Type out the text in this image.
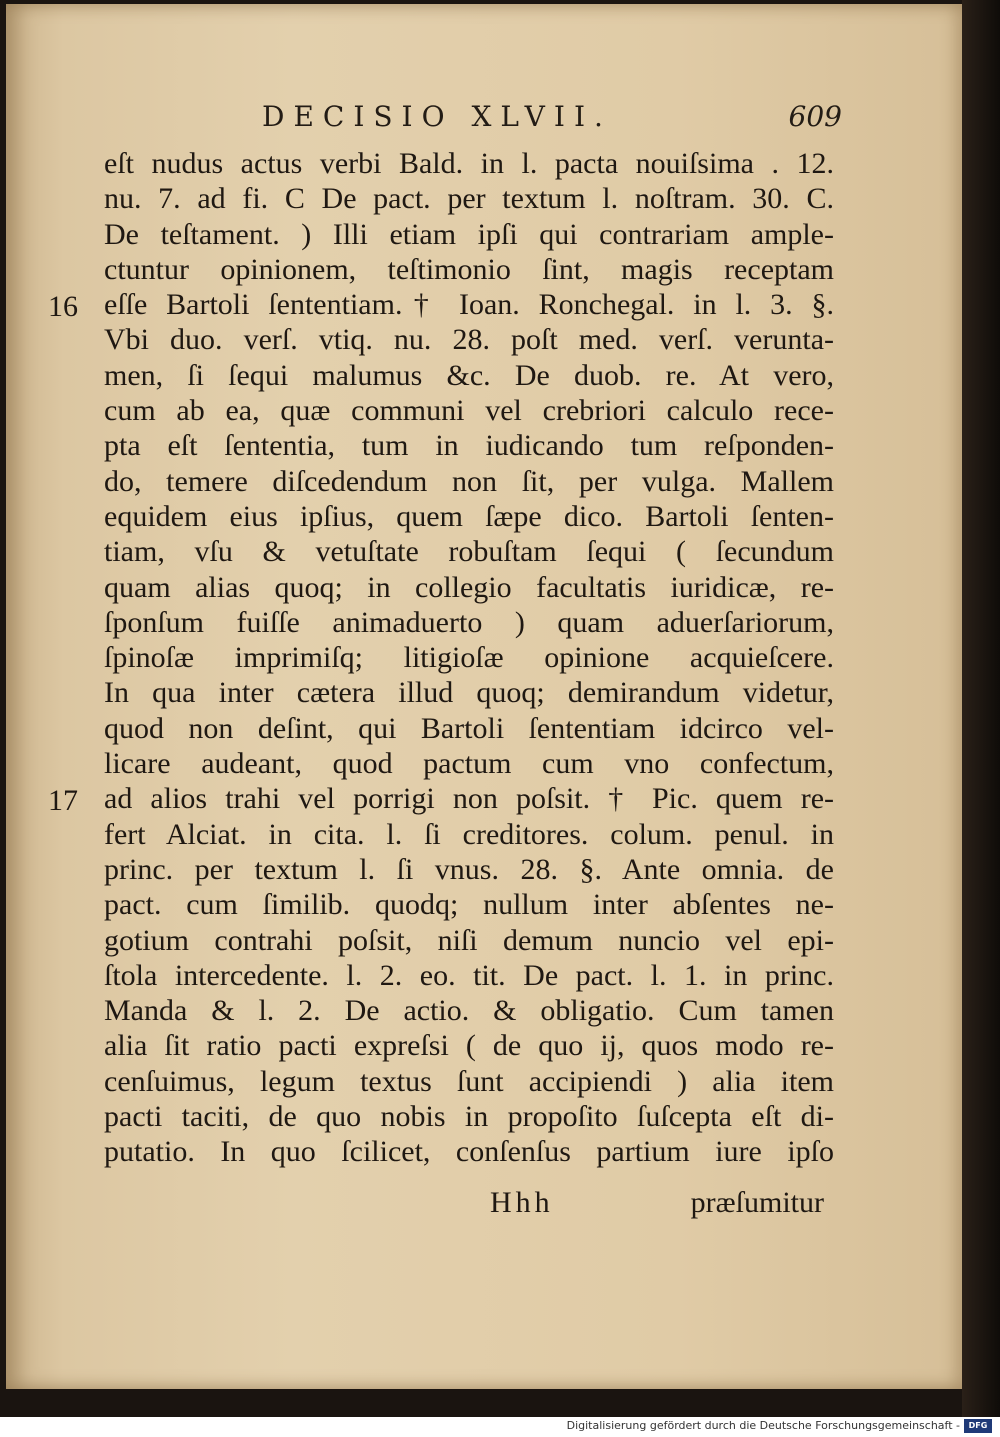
DECISIO XLVII.	609
16
17
eſt nudus actus verbi Bald. in l. pacta nouiſsima . 12.
nu. 7. ad fi. C De pact. per textum l. noſtram. 30. C.
De teſtament. ) Illi etiam ipſi qui contrariam ample-
ctuntur opinionem, teſtimonio ſint, magis receptam
eſſe Bartoli ſententiam.† Ioan. Ronchegal. in l. 3. §.
Vbi duo. verſ. vtiq. nu. 28. poſt med. verſ. verunta-
men, ſi ſequi malumus &c. De duob. re. At vero,
cum ab ea, quæ communi vel crebriori calculo rece-
pta eſt ſententia, tum in iudicando tum reſponden-
do, temere diſcedendum non ſit, per vulga. Mallem
equidem eius ipſius, quem ſæpe dico. Bartoli ſenten-
tiam, vſu & vetuſtate robuſtam ſequi ( ſecundum
quam alias quoq; in collegio facultatis iuridicæ, re-
ſponſum fuiſſe animaduerto ) quam aduerſariorum,
ſpinoſæ imprimiſq; litigioſæ opinione acquieſcere.
In qua inter cætera illud quoq; demirandum videtur,
quod non deſint, qui Bartoli ſententiam idcirco vel-
licare audeant, quod pactum cum vno confectum,
ad alios trahi vel porrigi non poſsit. † Pic. quem re-
fert Alciat. in cita. l. ſi creditores. colum. penul. in
princ. per textum l. ſi vnus. 28. §. Ante omnia. de
pact. cum ſimilib. quodq; nullum inter abſentes ne-
gotium contrahi poſsit, niſi demum nuncio vel epi-
ſtola intercedente. l. 2. eo. tit. De pact. l. 1. in princ.
Manda & l. 2. De actio. & obligatio. Cum tamen
alia ſit ratio pacti expreſsi ( de quo ij, quos modo re-
cenſuimus, legum textus ſunt accipiendi ) alia item
pacti taciti, de quo nobis in propoſito ſuſcepta eſt di-
putatio. In quo ſcilicet, conſenſus partium iure ipſo
Hhh	præſumitur
Digitalisierung gefördert durch die Deutsche Forschungsgemeinschaft -	DFG
